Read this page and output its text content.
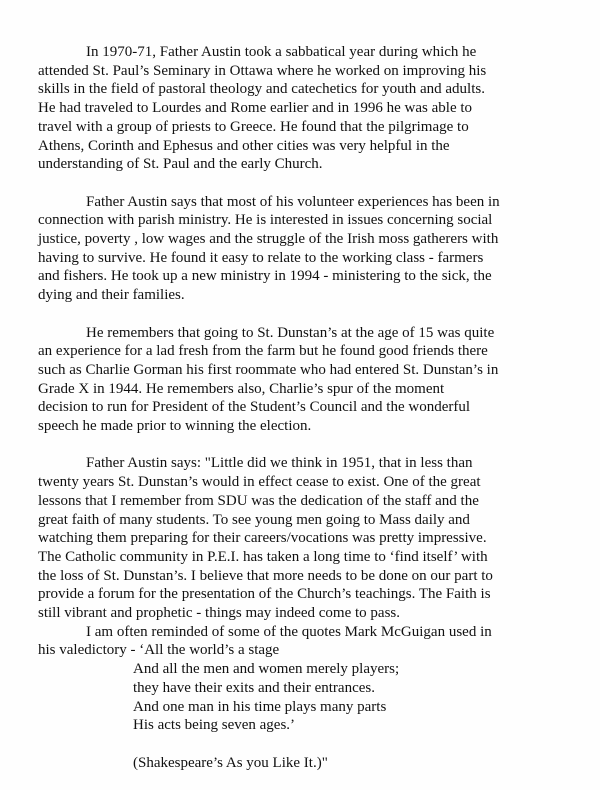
In 1970-71, Father Austin took a sabbatical year during which he
attended St. Paul’s Seminary in Ottawa where he worked on improving his
skills in the field of pastoral theology and catechetics for youth and adults.
He had traveled to Lourdes and Rome earlier and in 1996 he was able to
travel with a group of priests to Greece. He found that the pilgrimage to
Athens, Corinth and Ephesus and other cities was very helpful in the
understanding of St. Paul and the early Church.
Father Austin says that most of his volunteer experiences has been in
connection with parish ministry. He is interested in issues concerning social
justice, poverty , low wages and the struggle of the Irish moss gatherers with
having to survive. He found it easy to relate to the working class - farmers
and fishers. He took up a new ministry in 1994 - ministering to the sick, the
dying and their families.
He remembers that going to St. Dunstan’s at the age of 15 was quite
an experience for a lad fresh from the farm but he found good friends there
such as Charlie Gorman his first roommate who had entered St. Dunstan’s in
Grade X in 1944. He remembers also, Charlie’s spur of the moment
decision to run for President of the Student’s Council and the wonderful
speech he made prior to winning the election.
Father Austin says: "Little did we think in 1951, that in less than
twenty years St. Dunstan’s would in effect cease to exist. One of the great
lessons that I remember from SDU was the dedication of the staff and the
great faith of many students. To see young men going to Mass daily and
watching them preparing for their careers/vocations was pretty impressive.
The Catholic community in P.E.I. has taken a long time to ‘find itself’ with
the loss of St. Dunstan’s. I believe that more needs to be done on our part to
provide a forum for the presentation of the Church’s teachings. The Faith is
still vibrant and prophetic - things may indeed come to pass.
I am often reminded of some of the quotes Mark McGuigan used in
his valedictory - ‘All the world’s a stage
And all the men and women merely players;
they have their exits and their entrances.
And one man in his time plays many parts
His acts being seven ages.’
(Shakespeare’s As you Like It.)"
